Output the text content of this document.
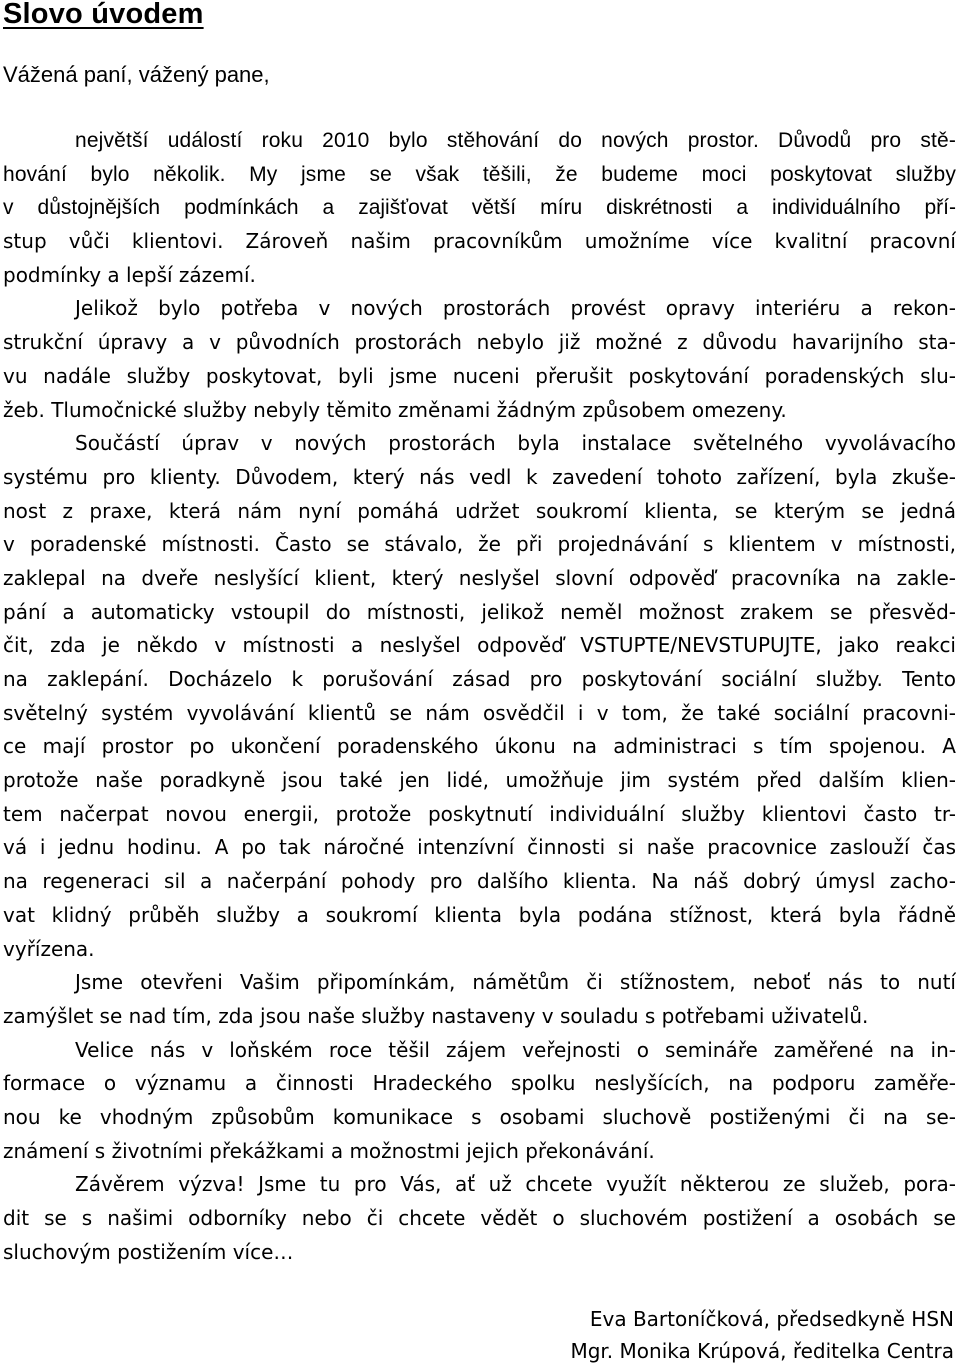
Slovo úvodem

Vážená paní, vážený pane,

největší událostí roku 2010 bylo stěhování do nových prostor. Důvodů pro stě-
hování bylo několik. My jsme se však těšili, že budeme moci poskytovat služby
v důstojnějších podmínkách a zajišťovat větší míru diskrétnosti a individuálního pří-
stup vůči klientovi. Zároveň našim pracovníkům umožníme více kvalitní pracovní
podmínky a lepší zázemí.
Jelikož bylo potřeba v nových prostorách provést opravy interiéru a rekon-
strukční úpravy a v původních prostorách nebylo již možné z důvodu havarijního sta-
vu nadále služby poskytovat, byli jsme nuceni přerušit poskytování poradenských slu-
žeb. Tlumočnické služby nebyly těmito změnami žádným způsobem omezeny.
Součástí úprav v nových prostorách byla instalace světelného vyvolávacího
systému pro klienty. Důvodem, který nás vedl k zavedení tohoto zařízení, byla zkuše-
nost z praxe, která nám nyní pomáhá udržet soukromí klienta, se kterým se jedná
v poradenské místnosti. Často se stávalo, že při projednávání s klientem v místnosti,
zaklepal na dveře neslyšící klient, který neslyšel slovní odpověď pracovníka na zakle-
pání a automaticky vstoupil do místnosti, jelikož neměl možnost zrakem se přesvěd-
čit, zda je někdo v místnosti a neslyšel odpověď VSTUPTE/NEVSTUPUJTE, jako reakci
na zaklepání. Docházelo k porušování zásad pro poskytování sociální služby. Tento
světelný systém vyvolávání klientů se nám osvědčil i v tom, že také sociální pracovni-
ce mají prostor po ukončení poradenského úkonu na administraci s tím spojenou. A
protože naše poradkyně jsou také jen lidé, umožňuje jim systém před dalším klien-
tem načerpat novou energii, protože poskytnutí individuální služby klientovi často tr-
vá i jednu hodinu. A po tak náročné intenzívní činnosti si naše pracovnice zaslouží čas
na regeneraci sil a načerpání pohody pro dalšího klienta. Na náš dobrý úmysl zacho-
vat klidný průběh služby a soukromí klienta byla podána stížnost, která byla řádně
vyřízena.
Jsme otevřeni Vašim připomínkám, námětům či stížnostem, neboť nás to nutí
zamýšlet se nad tím, zda jsou naše služby nastaveny v souladu s potřebami uživatelů.
Velice nás v loňském roce těšil zájem veřejnosti o semináře zaměřené na in-
formace o významu a činnosti Hradeckého spolku neslyšících, na podporu zaměře-
nou ke vhodným způsobům komunikace s osobami sluchově postiženými či na se-
známení s životními překážkami a možnostmi jejich překonávání.
Závěrem výzva! Jsme tu pro Vás, ať už chcete využít některou ze služeb, pora-
dit se s našimi odborníky nebo či chcete vědět o sluchovém postižení a osobách se
sluchovým postižením více…

Eva Bartoníčková, předsedkyně HSN

Mgr. Monika Krúpová, ředitelka Centra
